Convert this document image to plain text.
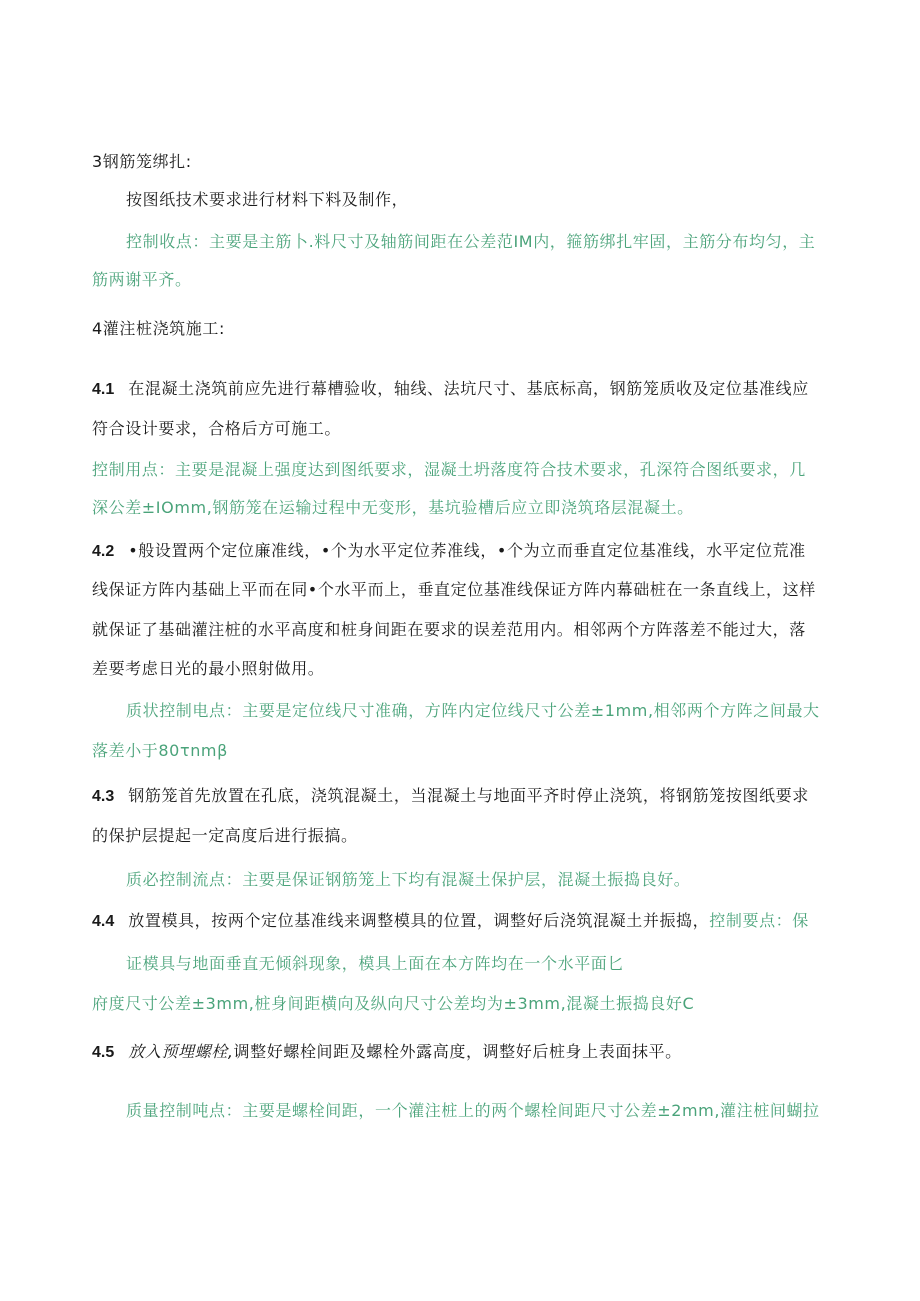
3钢筋笼绑扎:
按图纸技术要求进行材料下料及制作，
控制收点：主要是主筋卜.料尺寸及轴筋间距在公差范IM内，箍筋绑扎牢固，主筋分布均匀，主
筋两谢平齐。
4灌注桩浇筑施工:
4.1 在混凝土浇筑前应先进行幕槽验收，轴线、法坑尺寸、基底标高，钢筋笼质收及定位基准线应
符合设计要求，合格后方可施工。
控制用点：主要是混凝上强度达到图纸要求，湿凝土坍落度符合技术要求，孔深符合图纸要求，几
深公差±IOmm,钢筋笼在运输过程中无变形，基坑验槽后应立即浇筑珞层混凝土。
4.2 •般设置两个定位廉准线，•个为水平定位荞准线，•个为立而垂直定位基准线，水平定位荒准
线保证方阵内基础上平而在同•个水平而上，垂直定位基准线保证方阵内幕础桩在一条直线上，这样
就保证了基础灌注桩的水平高度和桩身间距在要求的误差范用内。相邻两个方阵落差不能过大，落
差要考虑日光的最小照射做用。
质状控制电点：主要是定位线尺寸准确，方阵内定位线尺寸公差±1mm,相邻两个方阵之间最大
落差小于80τnmβ
4.3 钢筋笼首先放置在孔底，浇筑混凝土，当混凝土与地面平齐时停止浇筑，将钢筋笼按图纸要求
的保护层提起一定高度后进行振搞。
质必控制流点：主要是保证钢筋笼上下均有混凝土保护层，混凝土振捣良好。
4.4 放置模具，按两个定位基准线来调整模具的位置，调整好后浇筑混凝土并振捣，控制要点：保
证模具与地面垂直无倾斜现象，模具上面在本方阵均在一个水平面匕
府度尺寸公差±3mm,桩身间距横向及纵向尺寸公差均为±3mm,混凝土振捣良好C
4.5 放入预埋螺栓,调整好螺栓间距及螺栓外露高度，调整好后桩身上表面抹平。
质量控制吨点：主要是螺栓间距，一个灌注桩上的两个螺栓间距尺寸公差±2mm,灌注桩间蝴拉
